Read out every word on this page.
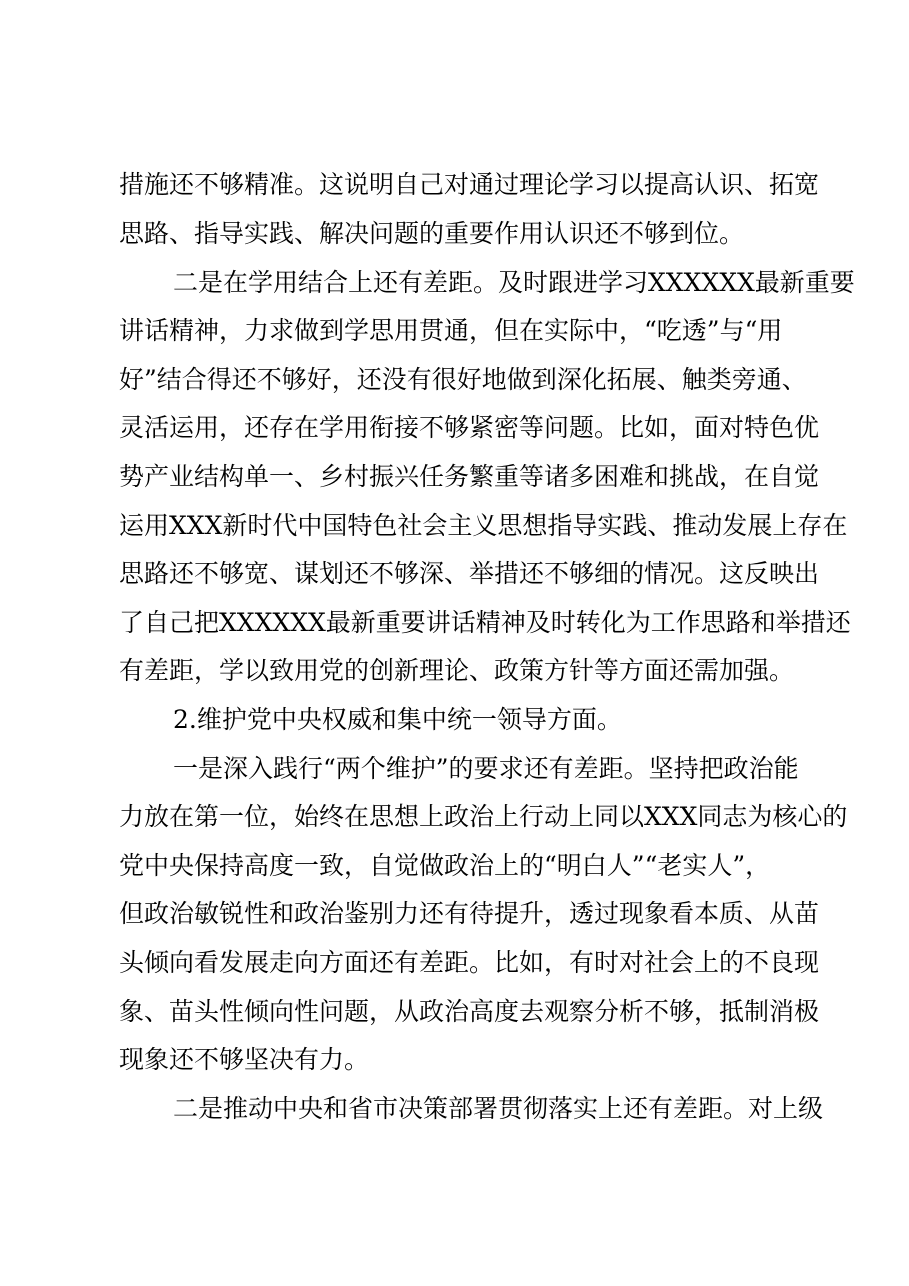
措施还不够精准。这说明自己对通过理论学习以提高认识、拓宽
思路、指导实践、解决问题的重要作用认识还不够到位。
二是在学用结合上还有差距。及时跟进学习XXXXXX最新重要
讲话精神，力求做到学思用贯通，但在实际中，“吃透”与“用
好”结合得还不够好，还没有很好地做到深化拓展、触类旁通、
灵活运用，还存在学用衔接不够紧密等问题。比如，面对特色优
势产业结构单一、乡村振兴任务繁重等诸多困难和挑战，在自觉
运用XXX新时代中国特色社会主义思想指导实践、推动发展上存在
思路还不够宽、谋划还不够深、举措还不够细的情况。这反映出
了自己把XXXXXX最新重要讲话精神及时转化为工作思路和举措还
有差距，学以致用党的创新理论、政策方针等方面还需加强。
2.维护党中央权威和集中统一领导方面。
一是深入践行“两个维护”的要求还有差距。坚持把政治能
力放在第一位，始终在思想上政治上行动上同以XXX同志为核心的
党中央保持高度一致，自觉做政治上的“明白人”“老实人”，
但政治敏锐性和政治鉴别力还有待提升，透过现象看本质、从苗
头倾向看发展走向方面还有差距。比如，有时对社会上的不良现
象、苗头性倾向性问题，从政治高度去观察分析不够，抵制消极
现象还不够坚决有力。
二是推动中央和省市决策部署贯彻落实上还有差距。对上级
